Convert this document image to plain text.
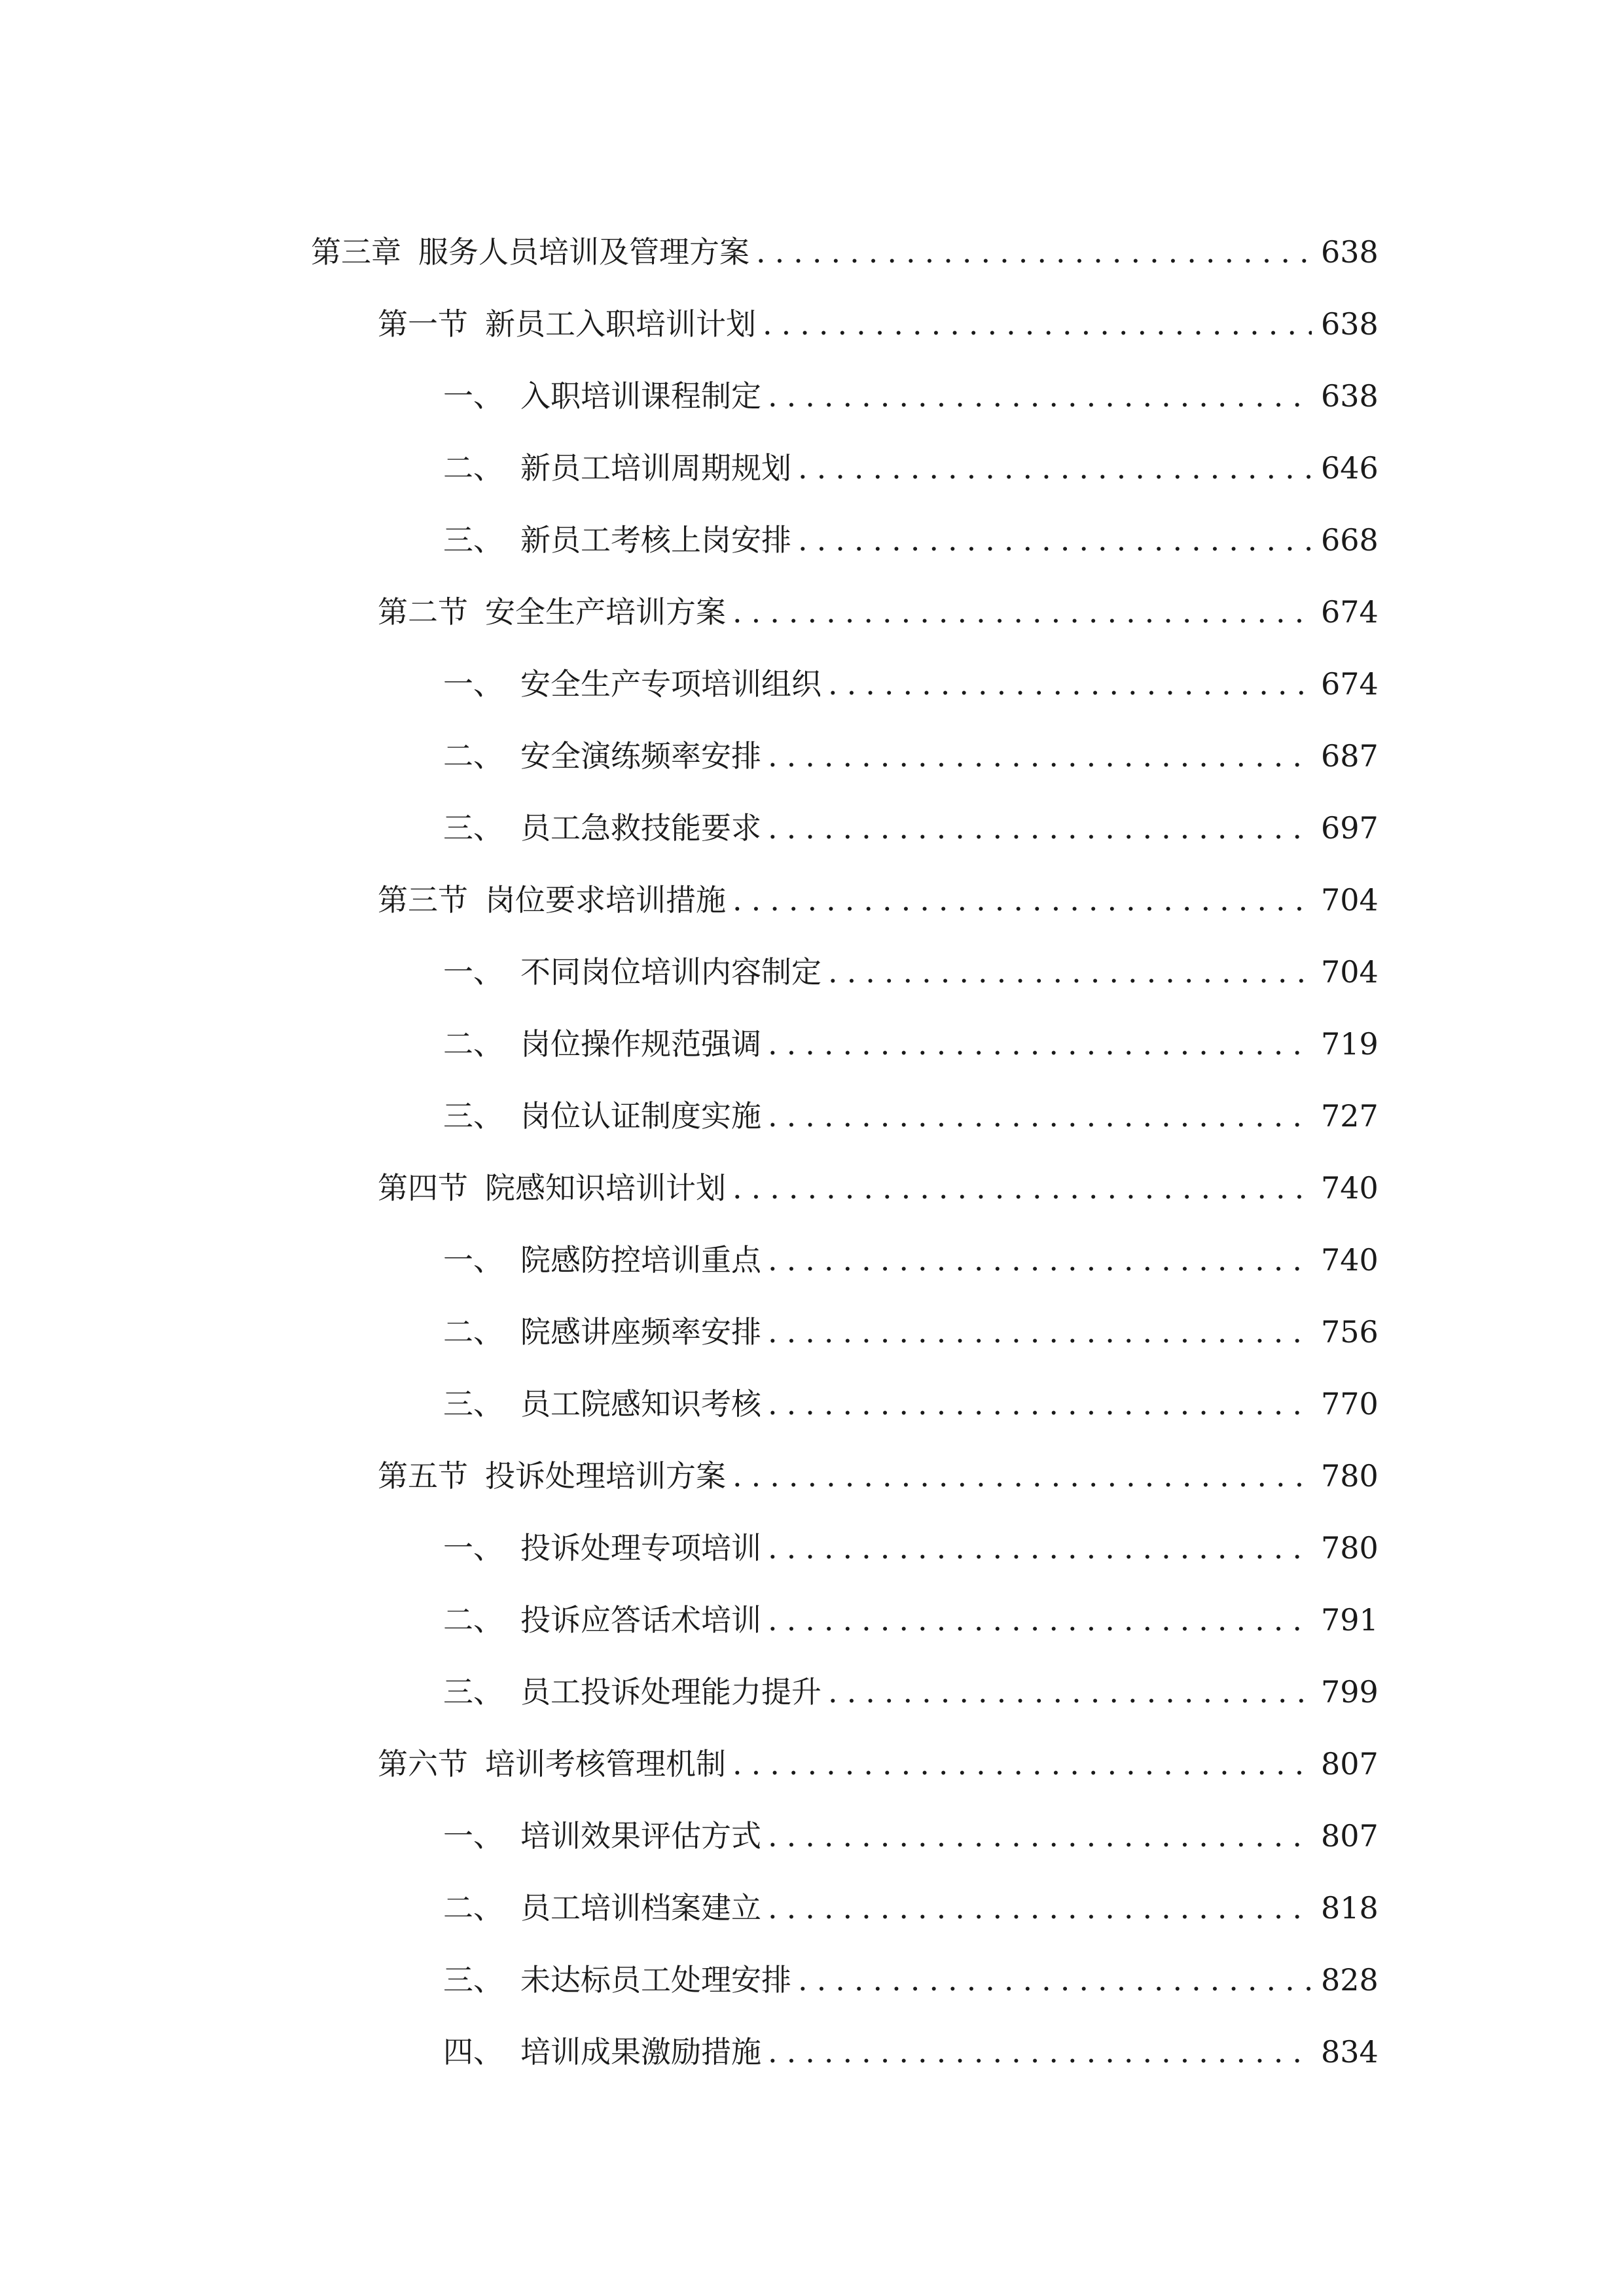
第三章 服务人员培训及管理方案 .....	638
第一节 新员工入职培训计划 .....	638
一、 入职培训课程制定 .....	638
二、 新员工培训周期规划 .....	646
三、 新员工考核上岗安排 .....	668
第二节 安全生产培训方案 .....	674
一、 安全生产专项培训组织 .....	674
二、 安全演练频率安排 .....	687
三、 员工急救技能要求 .....	697
第三节 岗位要求培训措施 .....	704
一、 不同岗位培训内容制定 .....	704
二、 岗位操作规范强调 .....	719
三、 岗位认证制度实施 .....	727
第四节 院感知识培训计划 .....	740
一、 院感防控培训重点 .....	740
二、 院感讲座频率安排 .....	756
三、 员工院感知识考核 .....	770
第五节 投诉处理培训方案 .....	780
一、 投诉处理专项培训 .....	780
二、 投诉应答话术培训 .....	791
三、 员工投诉处理能力提升 .....	799
第六节 培训考核管理机制 .....	807
一、 培训效果评估方式 .....	807
二、 员工培训档案建立 .....	818
三、 未达标员工处理安排 .....	828
四、 培训成果激励措施 .....	834
